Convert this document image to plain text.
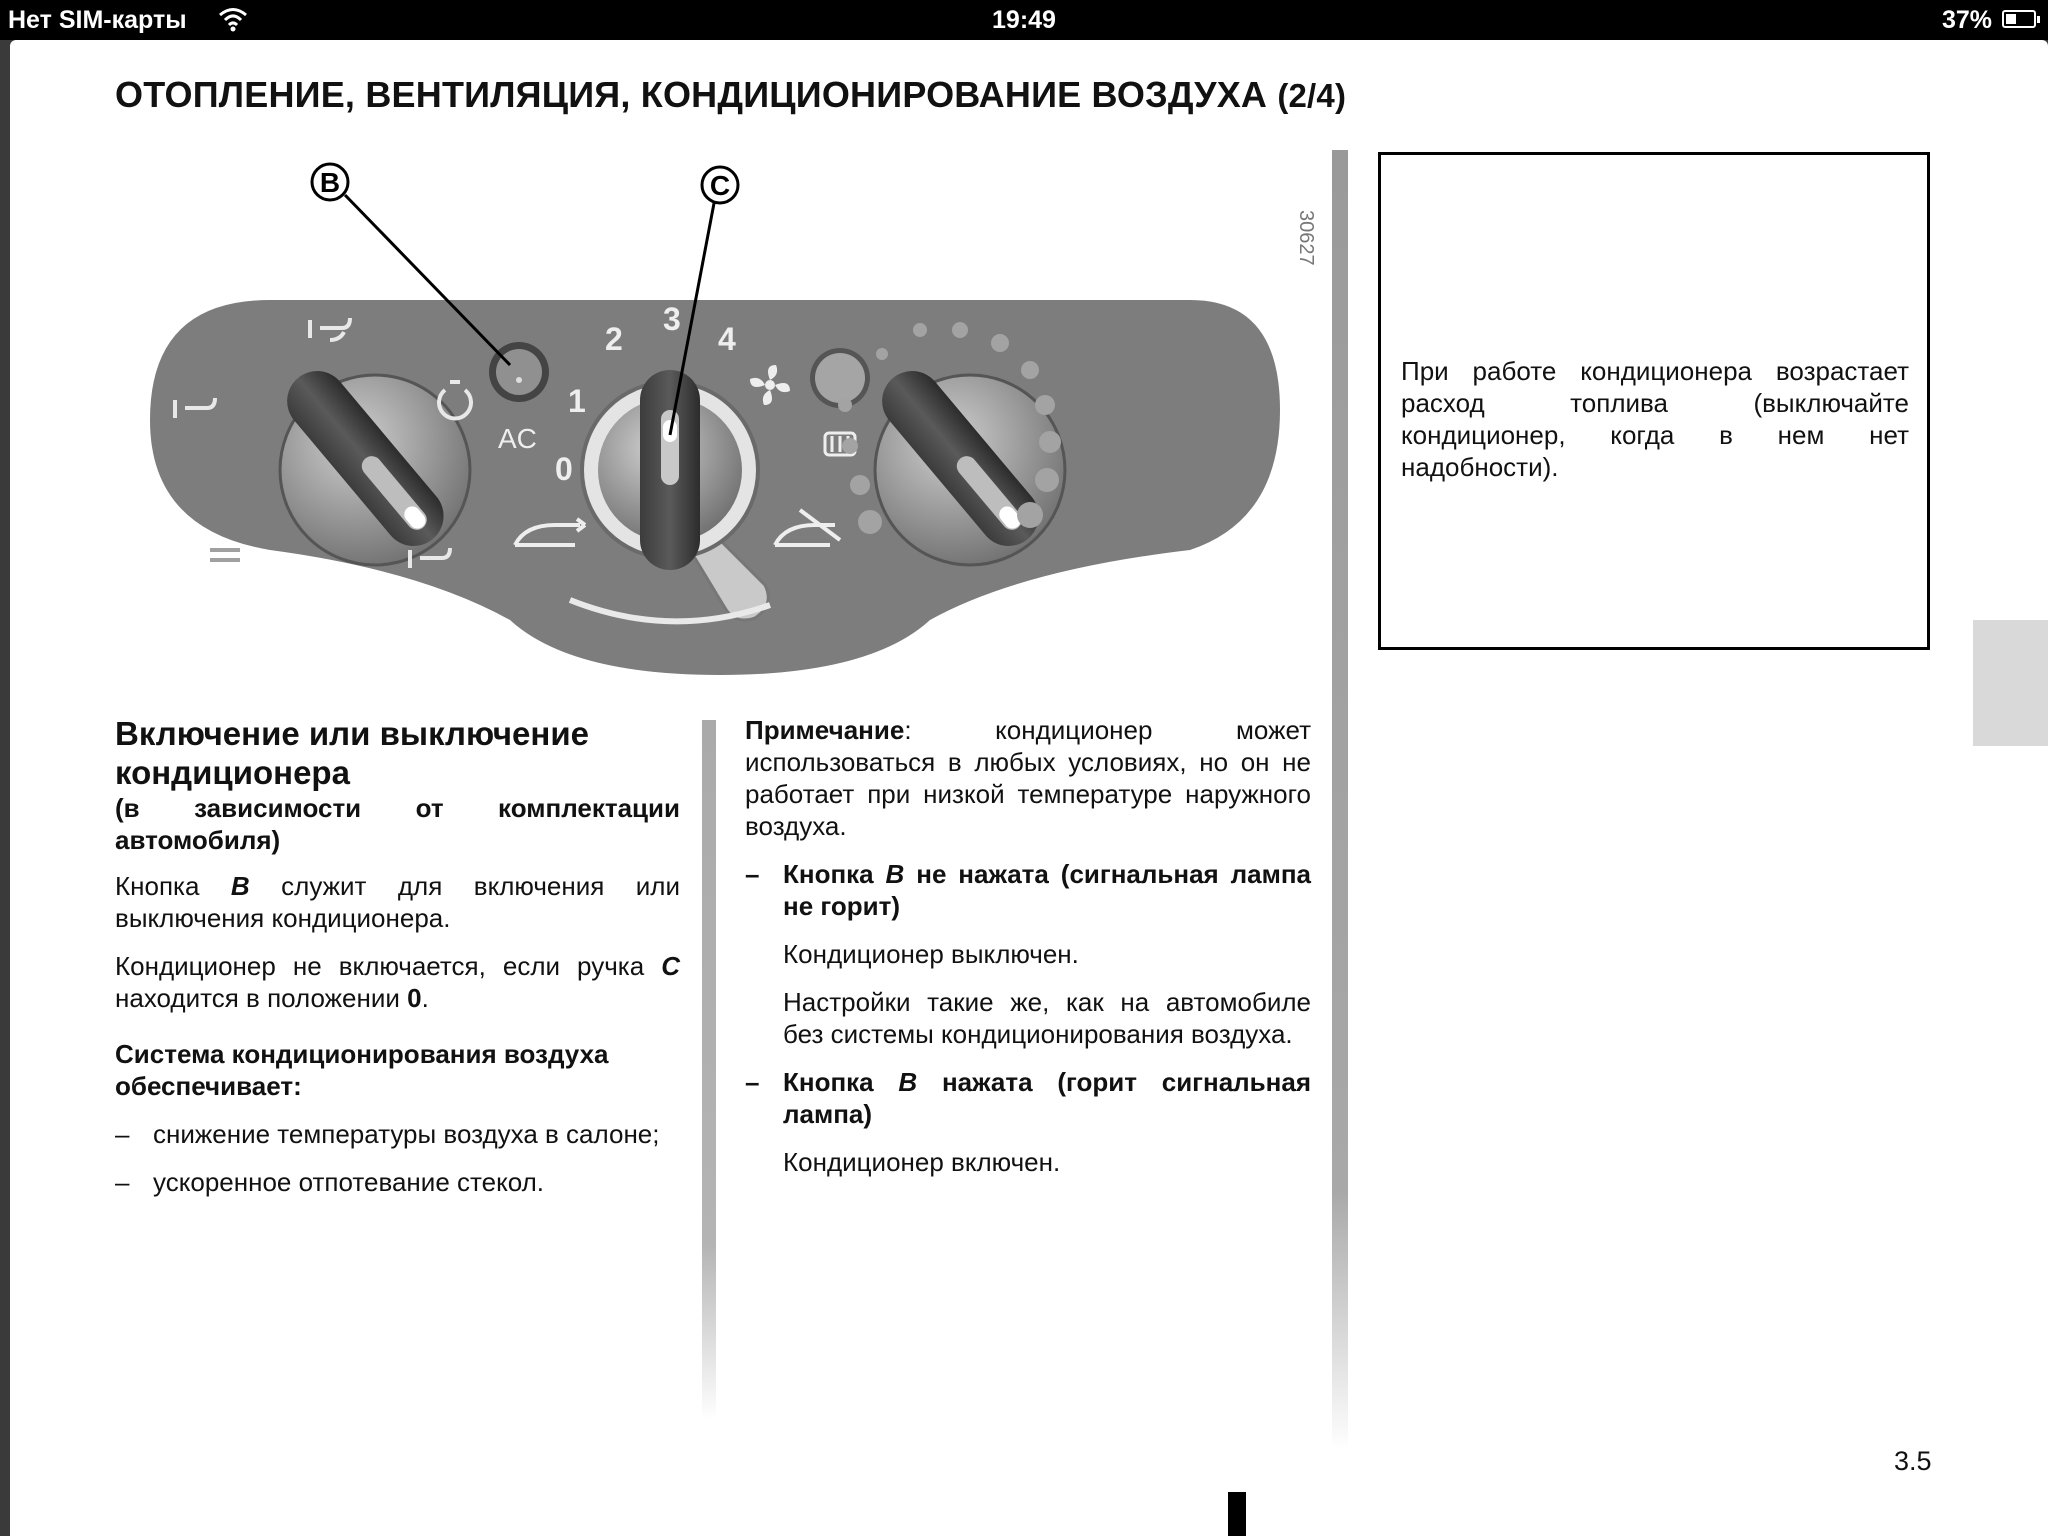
Нет SIM-карты	19:49	37%
ОТОПЛЕНИЕ, ВЕНТИЛЯЦИЯ, КОНДИЦИОНИРОВАНИЕ ВОЗДУХА (2/4)
30627
AC
0
1
2
3
4
B	C

При работе кондиционера возрастает расход топлива (выключайте кондиционер, когда в нем нет надобности).

Включение или выключение кондиционера
(в зависимости от комплектации автомобиля)

Кнопка B служит для включения или выключения кондиционера.

Кондиционер не включается, если ручка C находится в положении 0.

Система кондиционирования воздуха обеспечивает:
– снижение температуры воздуха в салоне;
– ускоренное отпотевание стекол.

Примечание: кондиционер может использоваться в любых условиях, но он не работает при низкой температуре наружного воздуха.

– Кнопка B не нажата (сигнальная лампа не горит)

Кондиционер выключен.

Настройки такие же, как на автомобиле без системы кондиционирования воздуха.

– Кнопка B нажата (горит сигнальная лампа)

Кондиционер включен.

3.5
